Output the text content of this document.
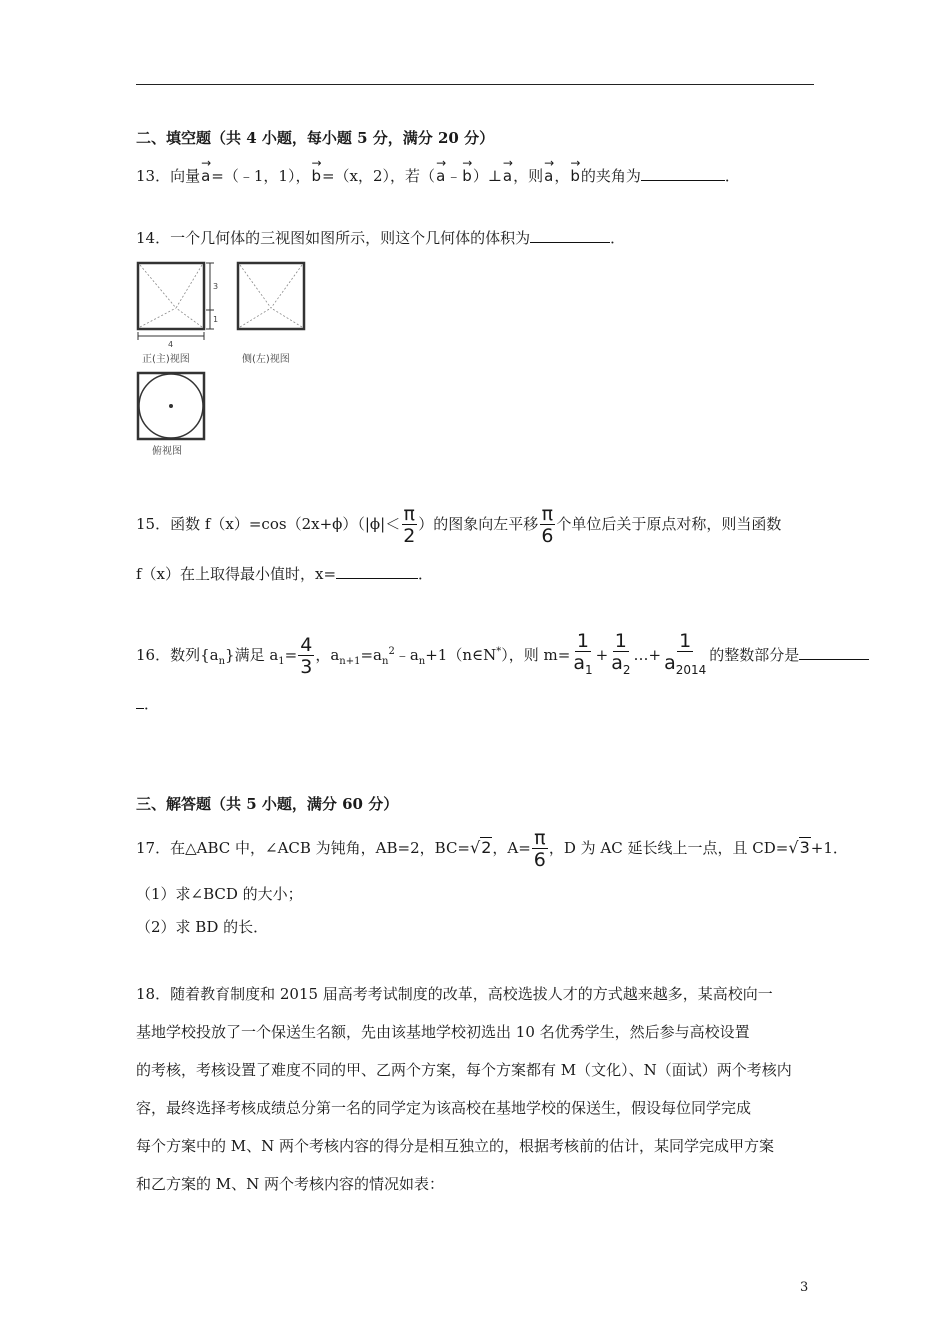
二、填空题（共 4 小题，每小题 5 分，满分 20 分）
13．向量→ a=（﹣1，1），→ b=（x，2），若（→ a﹣→ b）⊥→ a，则→ a，→ b的夹角为	．
14．一个几何体的三视图如图所示，则这个几何体的体积为	．
3
1
4
正(主)视图	侧(左)视图
俯视图
15．函数 $f(x)=\cos(2x+\phi)(|\phi|< \frac{\pi}{2}$ ）的图象向左平移 $\frac{\pi}{6}$ 个单位后关于原点对称，则当函数
f（x）在上取得最小值时，x=	．
16．数列$\{a_n\}$满足 $a_1= \frac{4}{3}$ ，$a_{n+1}=a_n^2﹣a_n+1(n\in N^*)$，则 $m= \frac{1}{a_1} + \frac{1}{a_2}$ …+ $\frac{1}{a_{2014}}$ 的整数部分是
．
三、解答题（共 5 小题，满分 60 分）
17．在△ABC 中，∠ACB 为钝角，AB=2，BC=√2，$A= \frac{\pi}{6}$ ，D 为 AC 延长线上一点，且 CD=√3+1．
（1）求∠BCD 的大小；
（2）求 BD 的长．
18．随着教育制度和 2015 届高考考试制度的改革，高校选拔人才的方式越来越多，某高校向一
基地学校投放了一个保送生名额，先由该基地学校初选出 10 名优秀学生，然后参与高校设置
的考核，考核设置了难度不同的甲、乙两个方案，每个方案都有 M（文化）、N（面试）两个考核内
容，最终选择考核成绩总分第一名的同学定为该高校在基地学校的保送生，假设每位同学完成
每个方案中的 M、N 两个考核内容的得分是相互独立的，根据考核前的估计，某同学完成甲方案
和乙方案的 M、N 两个考核内容的情况如表：
3
